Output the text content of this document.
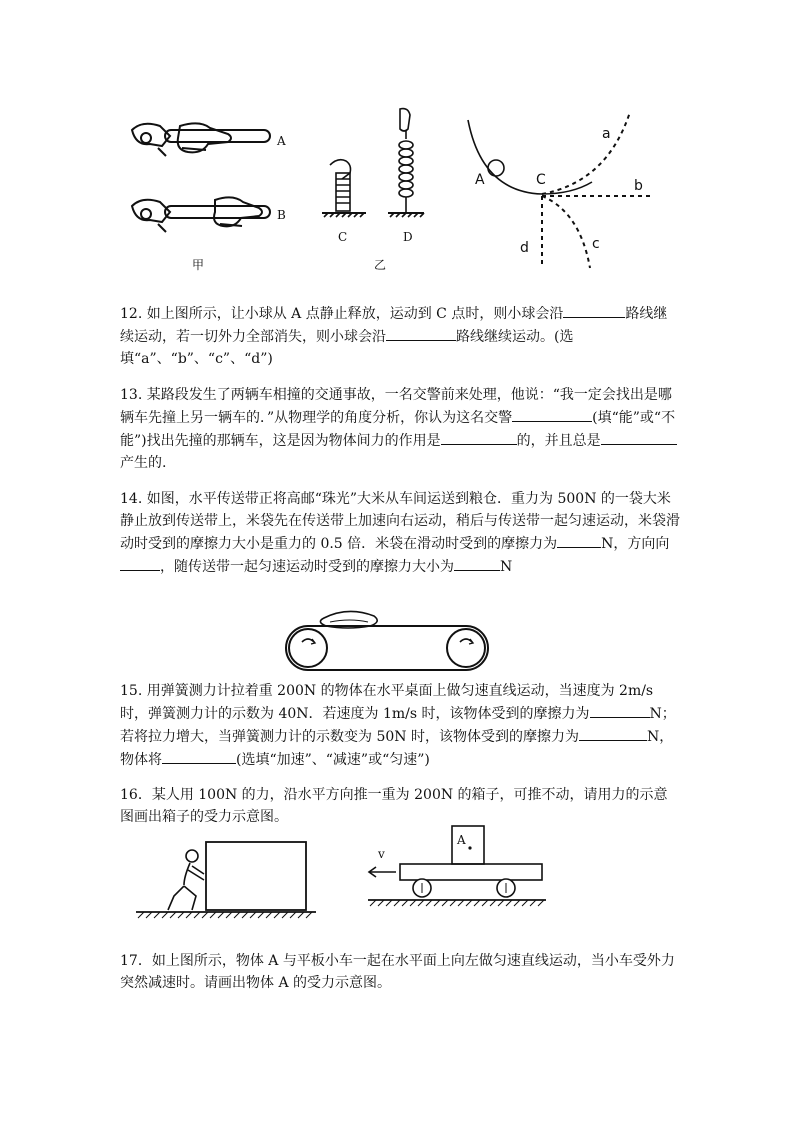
A
B
甲
C	D
乙
A	C
a
b
c
d

12. 如上图所示，让小球从 A 点静止释放，运动到 C 点时，则小球会沿	路线继续运动，若一切外力全部消失，则小球会沿	路线继续运动。(选填“a”、“b”、“c”、“d”)

13. 某路段发生了两辆车相撞的交通事故，一名交警前来处理，他说：“我一定会找出是哪辆车先撞上另一辆车的．”从物理学的角度分析，你认为这名交警	(填“能”或“不能”)找出先撞的那辆车，这是因为物体间力的作用是	的，并且总是产生的.

14. 如图，水平传送带正将高邮“珠光”大米从车间运送到粮仓．重力为 500N 的一袋大米静止放到传送带上，米袋先在传送带上加速向右运动，稍后与传送带一起匀速运动，米袋滑动时受到的摩擦力大小是重力的 0.5 倍．米袋在滑动时受到的摩擦力为	N，方向向，随传送带一起匀速运动时受到的摩擦力大小为	N

15. 用弹簧测力计拉着重 200N 的物体在水平桌面上做匀速直线运动，当速度为 2m/s 时，弹簧测力计的示数为 40N．若速度为 1m/s 时，该物体受到的摩擦力为	N；若将拉力增大，当弹簧测力计的示数变为 50N 时，该物体受到的摩擦力为	N，物体将	(选填“加速”、“减速”或“匀速”)

16．某人用 100N 的力，沿水平方向推一重为 200N 的箱子，可推不动，请用力的示意图画出箱子的受力示意图。

A
v

17．如上图所示，物体 A 与平板小车一起在水平面上向左做匀速直线运动，当小车受外力突然减速时。请画出物体 A 的受力示意图。
